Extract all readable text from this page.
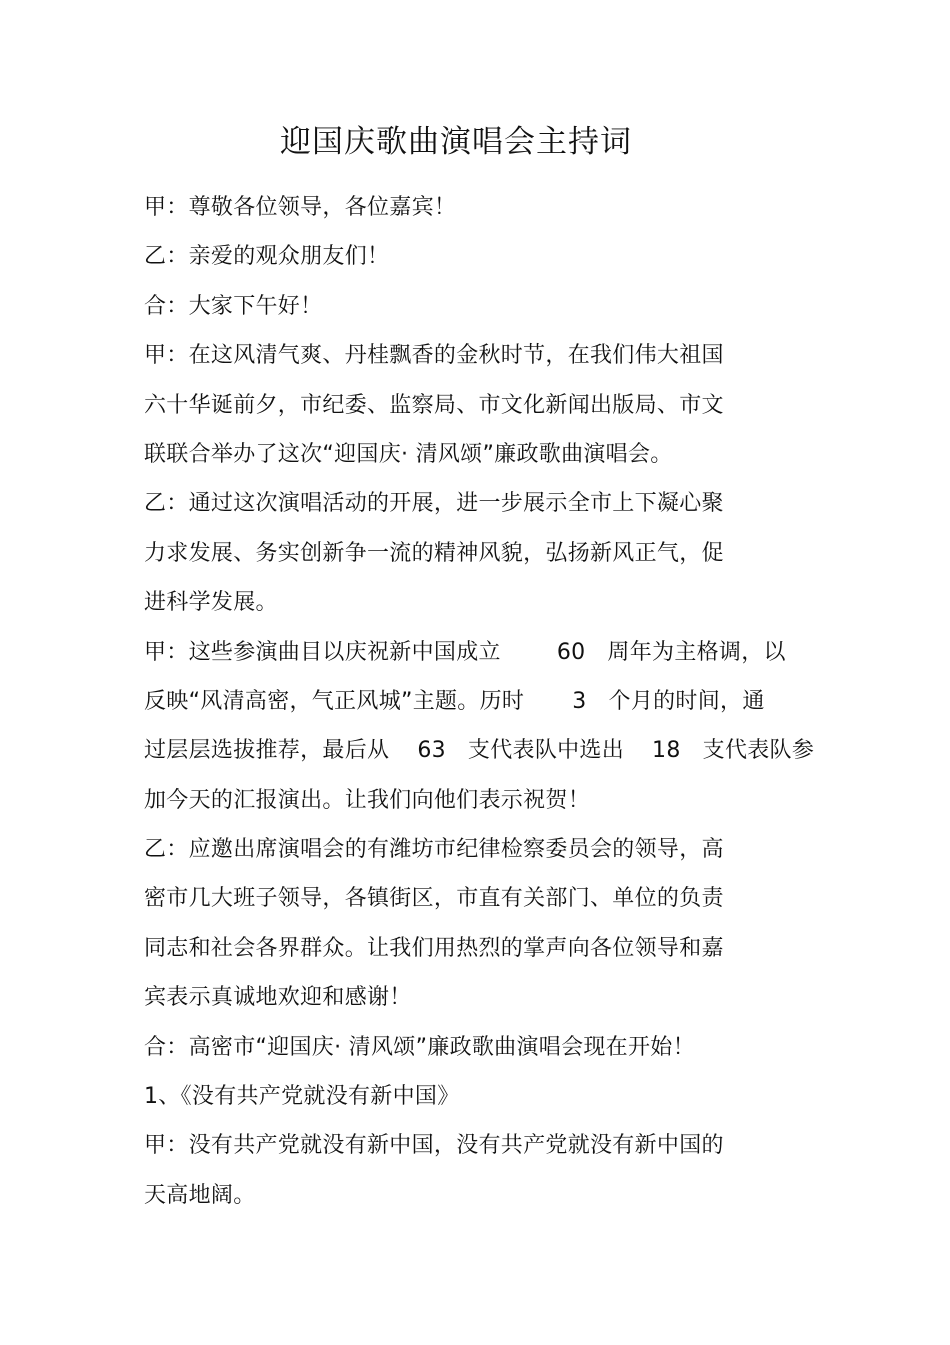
迎国庆歌曲演唱会主持词
甲：尊敬各位领导，各位嘉宾！
乙：亲爱的观众朋友们！
合：大家下午好！
甲：在这风清气爽、丹桂飘香的金秋时节，在我们伟大祖国
六十华诞前夕，市纪委、监察局、市文化新闻出版局、市文
联联合举办了这次“迎国庆· 清风颂”廉政歌曲演唱会。
乙：通过这次演唱活动的开展，进一步展示全市上下凝心聚
力求发展、务实创新争一流的精神风貌，弘扬新风正气，促
进科学发展。
甲：这些参演曲目以庆祝新中国成立	60 周年为主格调，以
反映“风清高密，气正风城”主题。历时 3 个月的时间，通
过层层选拔推荐，最后从 63 支代表队中选出 18 支代表队参
加今天的汇报演出。让我们向他们表示祝贺！
乙：应邀出席演唱会的有潍坊市纪律检察委员会的领导，高
密市几大班子领导，各镇街区，市直有关部门、单位的负责
同志和社会各界群众。让我们用热烈的掌声向各位领导和嘉
宾表示真诚地欢迎和感谢！
合：高密市“迎国庆· 清风颂”廉政歌曲演唱会现在开始！
1、《没有共产党就没有新中国》
甲：没有共产党就没有新中国，没有共产党就没有新中国的
天高地阔。
